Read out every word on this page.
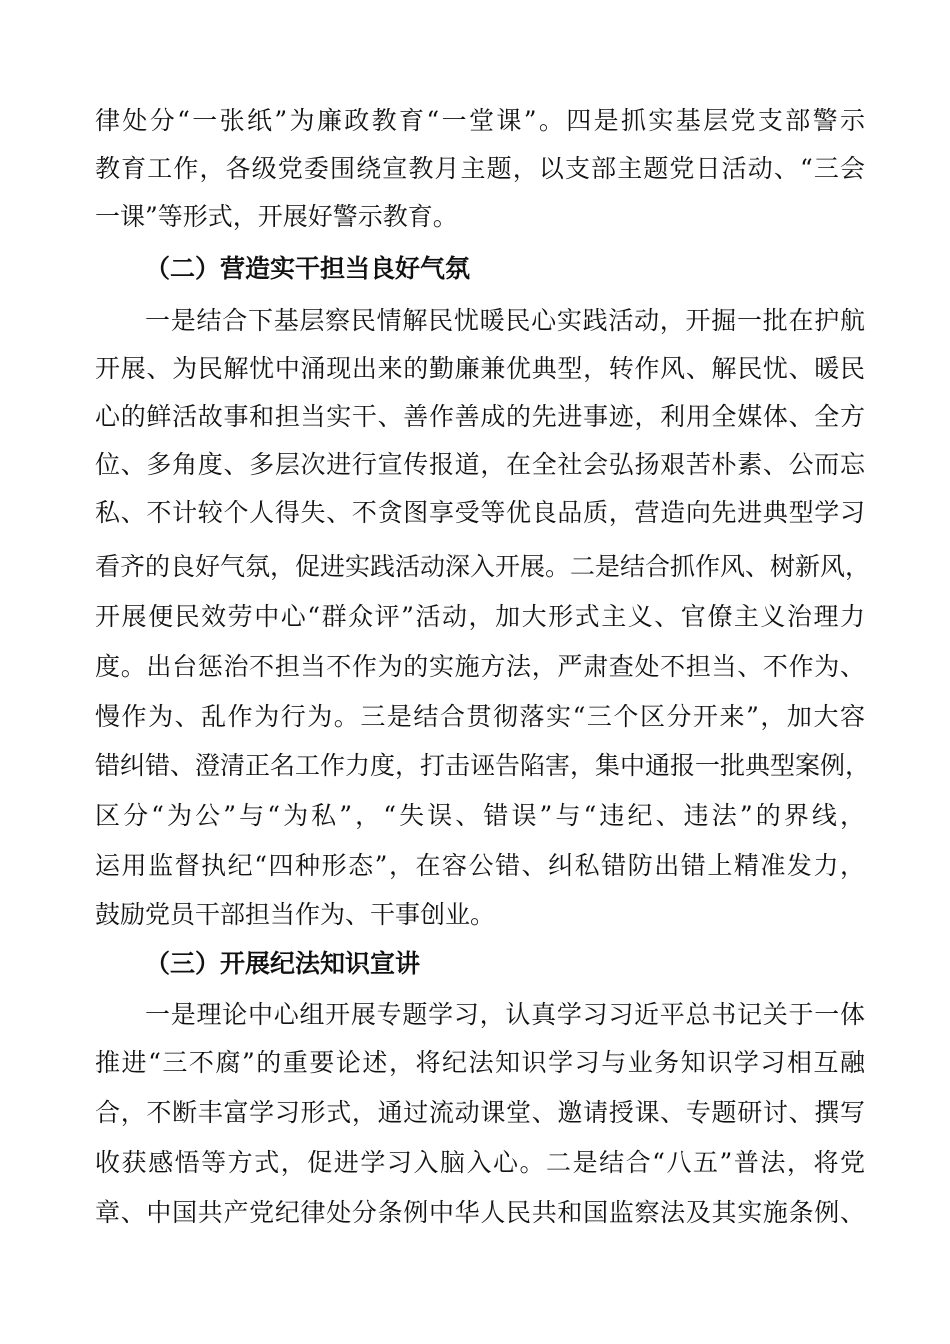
律处分“一张纸”为廉政教育“一堂课”。四是抓实基层党支部警示
教育工作，各级党委围绕宣教月主题，以支部主题党日活动、“三会
一课”等形式，开展好警示教育。
（二）营造实干担当良好气氛
一是结合下基层察民情解民忧暖民心实践活动，开掘一批在护航
开展、为民解忧中涌现出来的勤廉兼优典型，转作风、解民忧、暖民
心的鲜活故事和担当实干、善作善成的先进事迹，利用全媒体、全方
位、多角度、多层次进行宣传报道，在全社会弘扬艰苦朴素、公而忘
私、不计较个人得失、不贪图享受等优良品质，营造向先进典型学习
看齐的良好气氛，促进实践活动深入开展。二是结合抓作风、树新风，
开展便民效劳中心“群众评”活动，加大形式主义、官僚主义治理力
度。出台惩治不担当不作为的实施方法，严肃查处不担当、不作为、
慢作为、乱作为行为。三是结合贯彻落实“三个区分开来”，加大容
错纠错、澄清正名工作力度，打击诬告陷害，集中通报一批典型案例，
区分“为公”与“为私”，“失误、错误”与“违纪、违法”的界线，
运用监督执纪“四种形态”，在容公错、纠私错防出错上精准发力，
鼓励党员干部担当作为、干事创业。
（三）开展纪法知识宣讲
一是理论中心组开展专题学习，认真学习习近平总书记关于一体
推进“三不腐”的重要论述，将纪法知识学习与业务知识学习相互融
合，不断丰富学习形式，通过流动课堂、邀请授课、专题研讨、撰写
收获感悟等方式，促进学习入脑入心。二是结合“八五”普法，将党
章、中国共产党纪律处分条例中华人民共和国监察法及其实施条例、
